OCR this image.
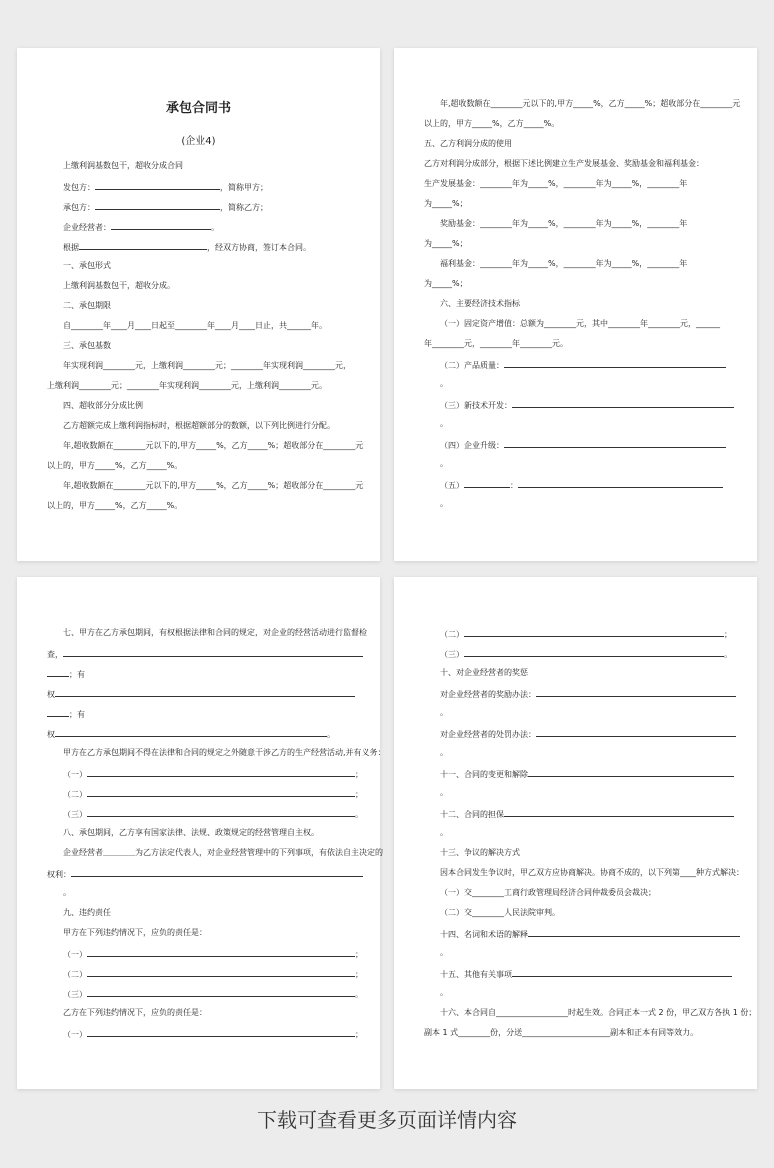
承包合同书
(企业4)
上缴利润基数包干，超收分成合同
发包方：	，简称甲方；
承包方：	，简称乙方；
企业经营者：	。
根据	，经双方协商，签订本合同。
一、承包形式
上缴利润基数包干，超收分成。
二、承包期限
自________年____月____日起至________年____月____日止，共______年。
三、承包基数
年实现利润________元，上缴利润________元；________年实现利润________元，
上缴利润________元；________年实现利润________元，上缴利润________元。
四、超收部分分成比例
乙方超额完成上缴利润指标时，根据超额部分的数额，以下列比例进行分配。
年,超收数额在________元以下的,甲方_____%，乙方_____%；超收部分在________元
以上的，甲方_____%，乙方_____%。
年,超收数额在________元以下的,甲方_____%，乙方_____%；超收部分在________元
以上的，甲方_____%，乙方_____%。
年,超收数额在________元以下的,甲方_____%，乙方_____%；超收部分在________元
以上的，甲方_____%，乙方_____%。
五、乙方利润分成的使用
乙方对利润分成部分，根据下述比例建立生产发展基金、奖励基金和福利基金：
生产发展基金：________年为_____%，________年为_____%，________年
为_____%；
奖励基金：________年为_____%，________年为_____%，________年
为_____%；
福利基金：________年为_____%，________年为_____%，________年
为_____%；
六、主要经济技术指标
（一）固定资产增值：总额为________元，其中________年________元，______
年________元，________年________元。
（二）产品质量：
。
（三）新技术开发：
。
（四）企业升级：
。
（五）	：
。
七、甲方在乙方承包期间，有权根据法律和合同的规定，对企业的经营活动进行监督检
查，
；有
权
；有
权	。
甲方在乙方承包期间不得在法律和合同的规定之外随意干涉乙方的生产经营活动,并有义务：
（一）	；
（二）	；
（三）	。
八、承包期间，乙方享有国家法律、法规、政策规定的经营管理自主权。
企业经营者＿＿＿＿为乙方法定代表人，对企业经营管理中的下列事项，有依法自主决定的
权利：
。
九、违约责任
甲方在下列违约情况下，应负的责任是：
（一）	；
（二）	；
（三）	。
乙方在下列违约情况下，应负的责任是：
（一）	；
（二）	；
（三）	。
十、对企业经营者的奖惩
对企业经营者的奖励办法：
。
对企业经营者的处罚办法：
。
十一、合同的变更和解除
。
十二、合同的担保
。
十三、争议的解决方式
因本合同发生争议时，甲乙双方应协商解决。协商不成的，以下列第____种方式解决：
（一）交________工商行政管理局经济合同仲裁委员会裁决；
（二）交________人民法院审判。
十四、名词和术语的解释
。
十五、其他有关事项
。
十六、本合同自__________________时起生效。合同正本一式 2 份，甲乙双方各执 1 份；
副本 1 式________份，分送______________________副本和正本有同等效力。
下载可查看更多页面详情内容
